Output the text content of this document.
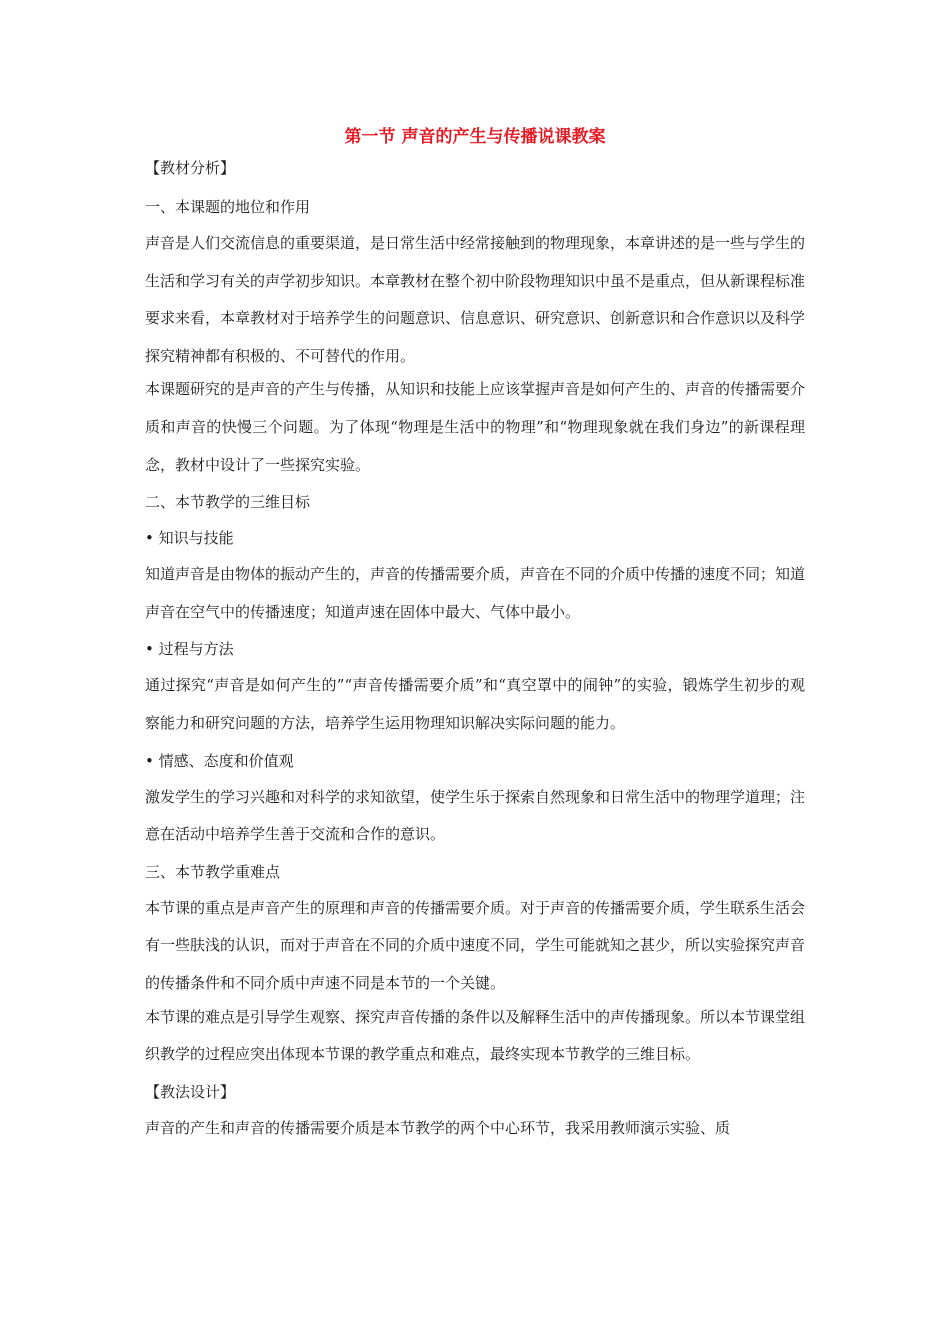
第一节 声音的产生与传播说课教案

【教材分析】

一、本课题的地位和作用

声音是人们交流信息的重要渠道，是日常生活中经常接触到的物理现象，本章讲述的是一些与学生的生活和学习有关的声学初步知识。本章教材在整个初中阶段物理知识中虽不是重点，但从新课程标准要求来看，本章教材对于培养学生的问题意识、信息意识、研究意识、创新意识和合作意识以及科学探究精神都有积极的、不可替代的作用。

本课题研究的是声音的产生与传播，从知识和技能上应该掌握声音是如何产生的、声音的传播需要介质和声音的快慢三个问题。为了体现“物理是生活中的物理”和“物理现象就在我们身边”的新课程理念，教材中设计了一些探究实验。

二、本节教学的三维目标

• 知识与技能

知道声音是由物体的振动产生的，声音的传播需要介质，声音在不同的介质中传播的速度不同；知道声音在空气中的传播速度；知道声速在固体中最大、气体中最小。

• 过程与方法

通过探究“声音是如何产生的”“声音传播需要介质”和“真空罩中的闹钟”的实验，锻炼学生初步的观察能力和研究问题的方法，培养学生运用物理知识解决实际问题的能力。

• 情感、态度和价值观

激发学生的学习兴趣和对科学的求知欲望，使学生乐于探索自然现象和日常生活中的物理学道理；注意在活动中培养学生善于交流和合作的意识。

三、本节教学重难点

本节课的重点是声音产生的原理和声音的传播需要介质。对于声音的传播需要介质，学生联系生活会有一些肤浅的认识，而对于声音在不同的介质中速度不同，学生可能就知之甚少，所以实验探究声音的传播条件和不同介质中声速不同是本节的一个关键。

本节课的难点是引导学生观察、探究声音传播的条件以及解释生活中的声传播现象。所以本节课堂组织教学的过程应突出体现本节课的教学重点和难点，最终实现本节教学的三维目标。

【教法设计】

声音的产生和声音的传播需要介质是本节教学的两个中心环节，我采用教师演示实验、质
